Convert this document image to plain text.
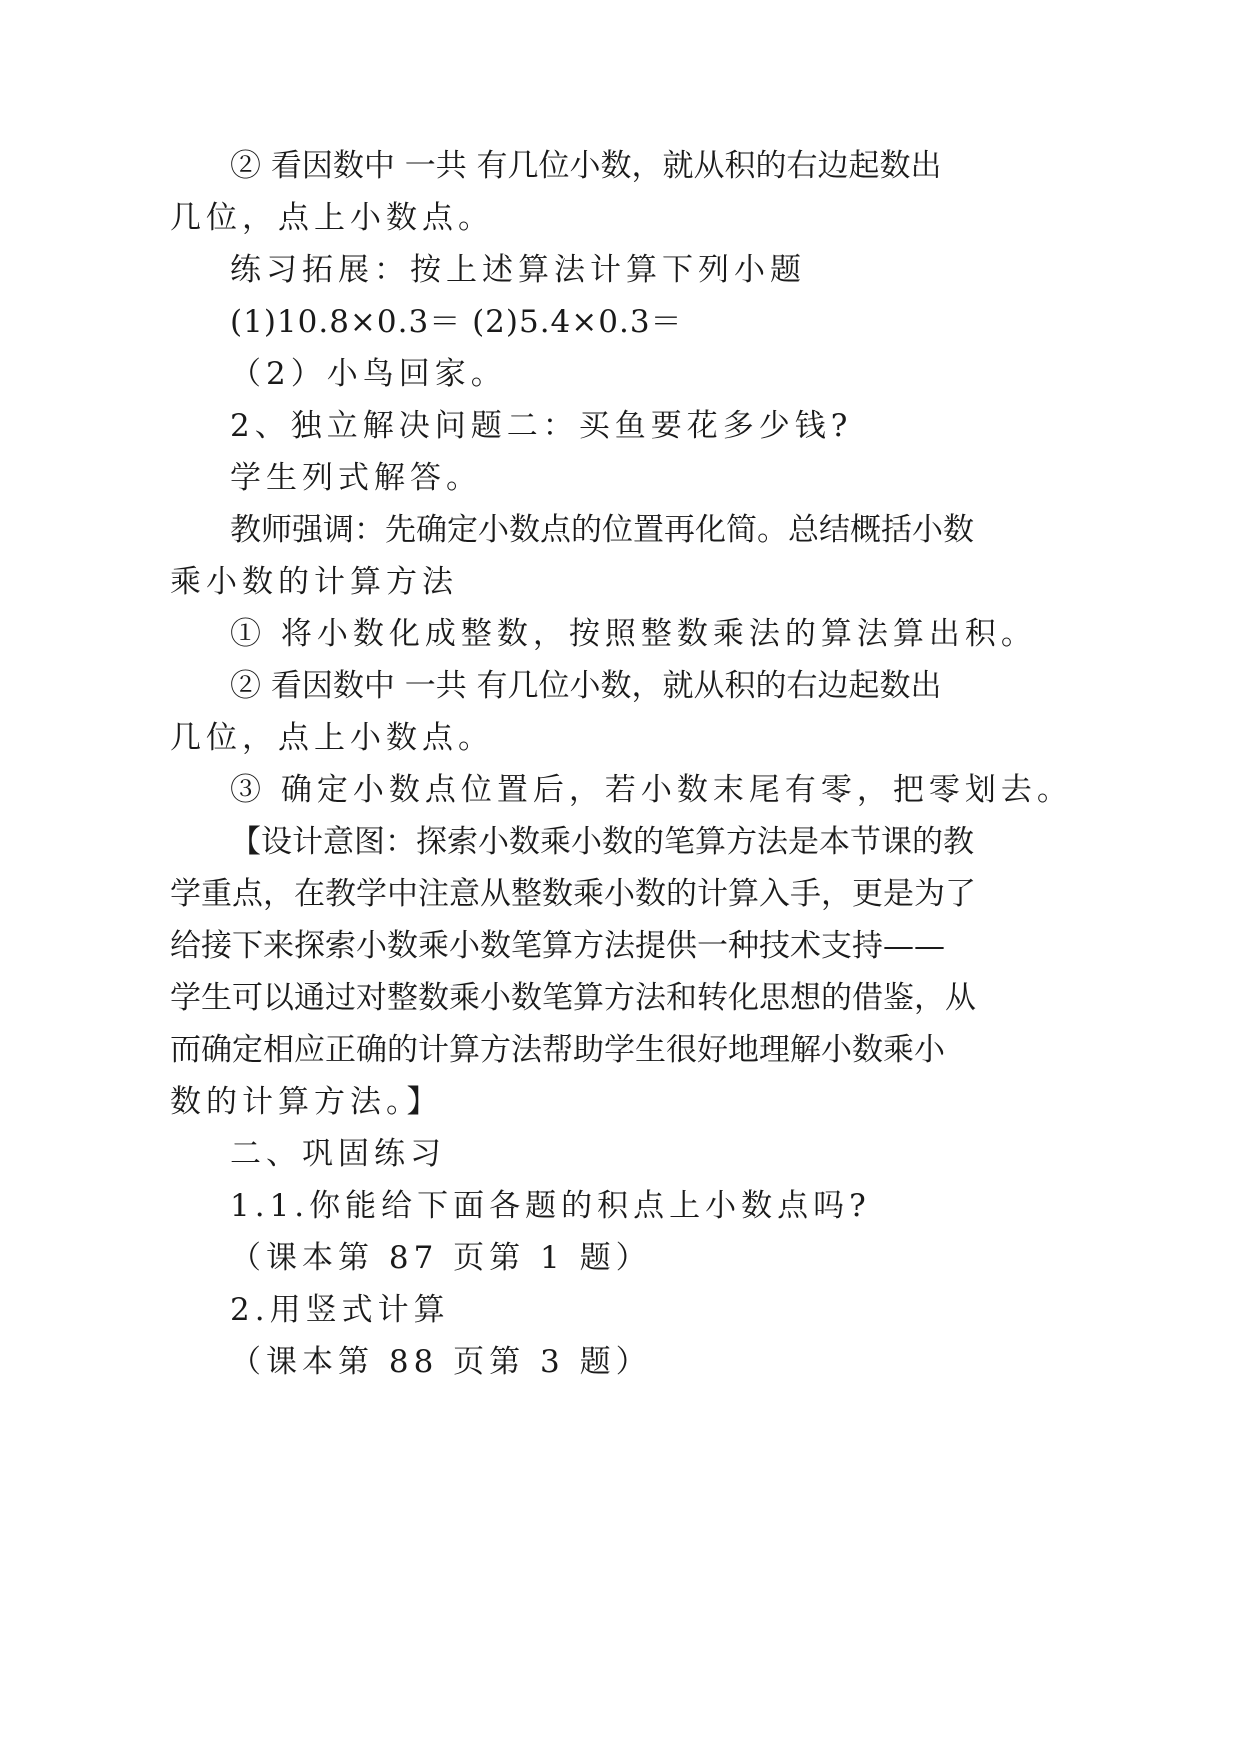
② 看因数中 一共 有几位小数，就从积的右边起数出
几位，点上小数点。
练习拓展：按上述算法计算下列小题
(1)10.8×0.3＝ (2)5.4×0.3＝
（2）小鸟回家。
2、独立解决问题二：买鱼要花多少钱?
学生列式解答。
教师强调：先确定小数点的位置再化简。总结概括小数
乘小数的计算方法
① 将小数化成整数，按照整数乘法的算法算出积。
② 看因数中 一共 有几位小数，就从积的右边起数出
几位，点上小数点。
③ 确定小数点位置后，若小数末尾有零，把零划去。
【设计意图：探索小数乘小数的笔算方法是本节课的教
学重点，在教学中注意从整数乘小数的计算入手，更是为了
给接下来探索小数乘小数笔算方法提供一种技术支持——
学生可以通过对整数乘小数笔算方法和转化思想的借鉴，从
而确定相应正确的计算方法帮助学生很好地理解小数乘小
数的计算方法。】
二、巩固练习
1.1.你能给下面各题的积点上小数点吗?
（课本第 87 页第 1 题）
2.用竖式计算
（课本第 88 页第 3 题）
